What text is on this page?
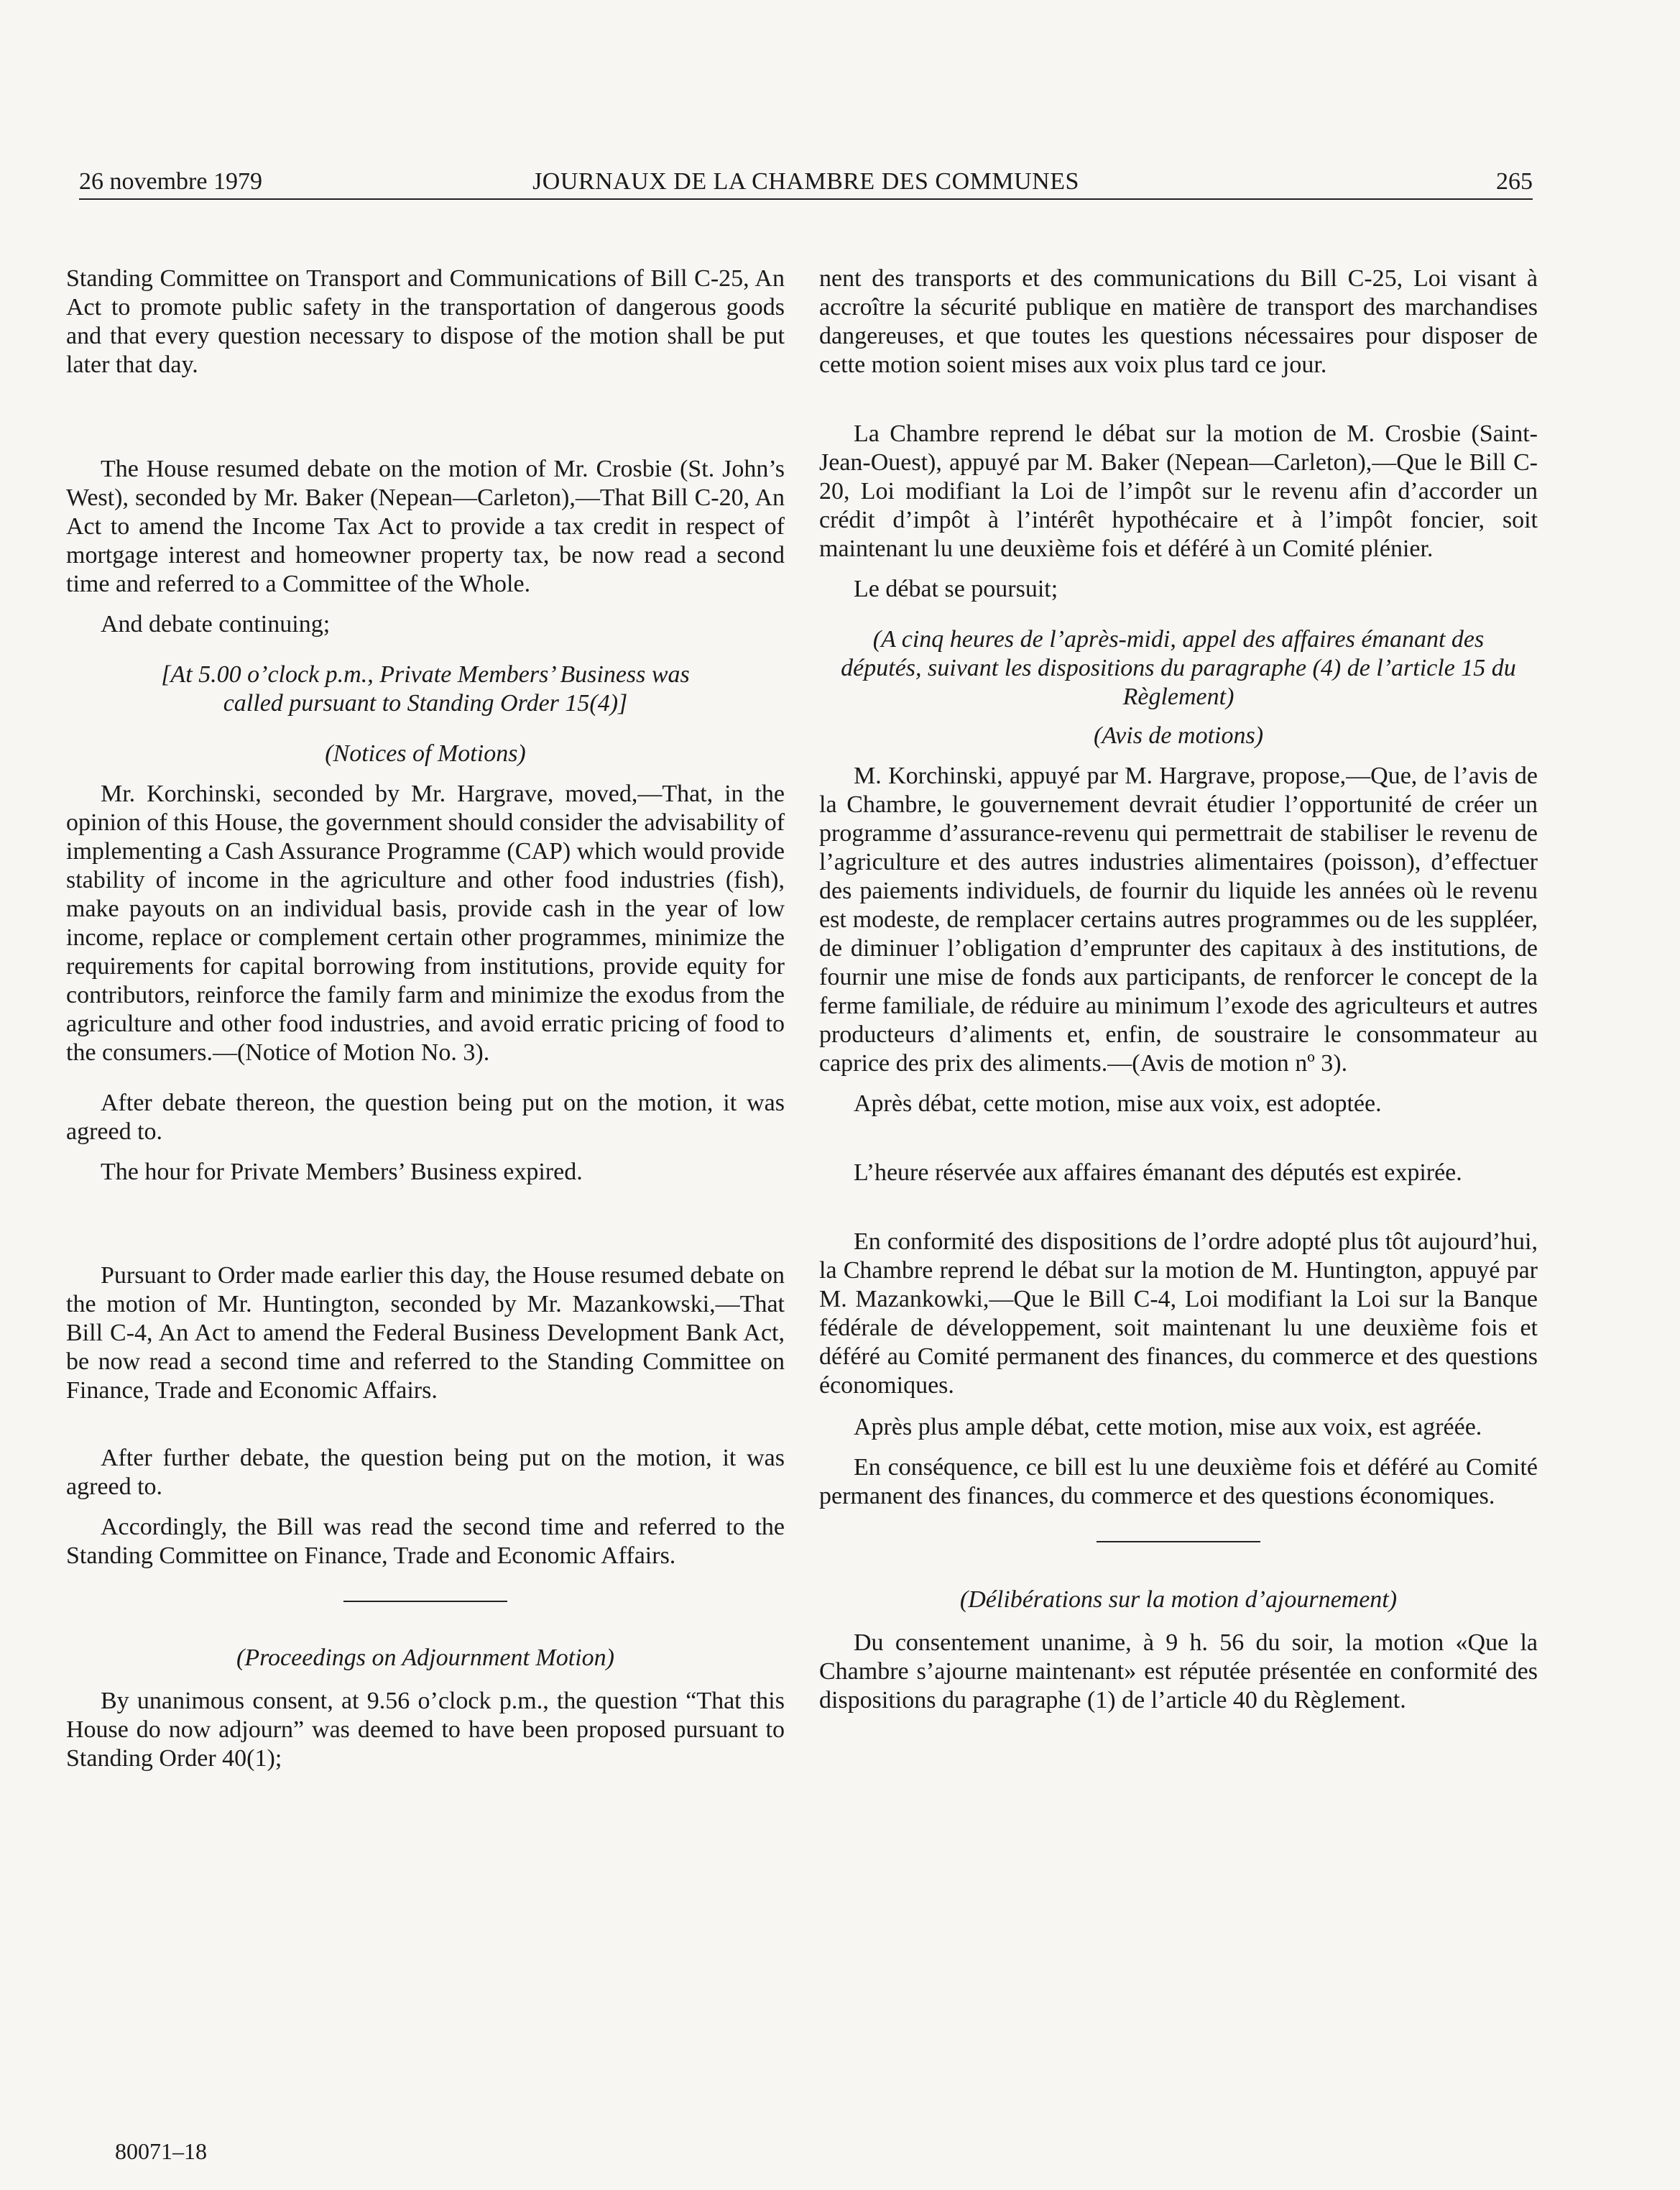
26 novembre 1979	JOURNAUX DE LA CHAMBRE DES COMMUNES	265

Standing Committee on Transport and Communications of Bill C-25, An Act to promote public safety in the transportation of dangerous goods and that every question necessary to dispose of the motion shall be put later that day.

The House resumed debate on the motion of Mr. Crosbie (St. John’s West), seconded by Mr. Baker (Nepean—Carleton),—That Bill C-20, An Act to amend the Income Tax Act to provide a tax credit in respect of mortgage interest and homeowner property tax, be now read a second time and referred to a Committee of the Whole.

And debate continuing;

[At 5.00 o’clock p.m., Private Members’ Business was called pursuant to Standing Order 15(4)]

(Notices of Motions)

Mr. Korchinski, seconded by Mr. Hargrave, moved,—That, in the opinion of this House, the government should consider the advisability of implementing a Cash Assurance Programme (CAP) which would provide stability of income in the agriculture and other food industries (fish), make payouts on an individual basis, provide cash in the year of low income, replace or complement certain other programmes, minimize the requirements for capital borrowing from institutions, provide equity for contributors, reinforce the family farm and minimize the exodus from the agriculture and other food industries, and avoid erratic pricing of food to the consumers.—(Notice of Motion No. 3).

After debate thereon, the question being put on the motion, it was agreed to.

The hour for Private Members’ Business expired.

Pursuant to Order made earlier this day, the House resumed debate on the motion of Mr. Huntington, seconded by Mr. Mazankowski,—That Bill C-4, An Act to amend the Federal Business Development Bank Act, be now read a second time and referred to the Standing Committee on Finance, Trade and Economic Affairs.

After further debate, the question being put on the motion, it was agreed to.

Accordingly, the Bill was read the second time and referred to the Standing Committee on Finance, Trade and Economic Affairs.

(Proceedings on Adjournment Motion)

By unanimous consent, at 9.56 o’clock p.m., the question “That this House do now adjourn” was deemed to have been proposed pursuant to Standing Order 40(1);

nent des transports et des communications du Bill C-25, Loi visant à accroître la sécurité publique en matière de transport des marchandises dangereuses, et que toutes les questions nécessaires pour disposer de cette motion soient mises aux voix plus tard ce jour.

La Chambre reprend le débat sur la motion de M. Crosbie (Saint-Jean-Ouest), appuyé par M. Baker (Nepean—Carleton),—Que le Bill C-20, Loi modifiant la Loi de l’impôt sur le revenu afin d’accorder un crédit d’impôt à l’intérêt hypothécaire et à l’impôt foncier, soit maintenant lu une deuxième fois et déféré à un Comité plénier.

Le débat se poursuit;

(A cinq heures de l’après-midi, appel des affaires émanant des députés, suivant les dispositions du paragraphe (4) de l’article 15 du Règlement)

(Avis de motions)

M. Korchinski, appuyé par M. Hargrave, propose,—Que, de l’avis de la Chambre, le gouvernement devrait étudier l’opportunité de créer un programme d’assurance-revenu qui permettrait de stabiliser le revenu de l’agriculture et des autres industries alimentaires (poisson), d’effectuer des paiements individuels, de fournir du liquide les années où le revenu est modeste, de remplacer certains autres programmes ou de les suppléer, de diminuer l’obligation d’emprunter des capitaux à des institutions, de fournir une mise de fonds aux participants, de renforcer le concept de la ferme familiale, de réduire au minimum l’exode des agriculteurs et autres producteurs d’aliments et, enfin, de soustraire le consommateur au caprice des prix des aliments.—(Avis de motion nº 3).

Après débat, cette motion, mise aux voix, est adoptée.

L’heure réservée aux affaires émanant des députés est expirée.

En conformité des dispositions de l’ordre adopté plus tôt aujourd’hui, la Chambre reprend le débat sur la motion de M. Huntington, appuyé par M. Mazankowki,—Que le Bill C-4, Loi modifiant la Loi sur la Banque fédérale de développement, soit maintenant lu une deuxième fois et déféré au Comité permanent des finances, du commerce et des questions économiques.

Après plus ample débat, cette motion, mise aux voix, est agréée.

En conséquence, ce bill est lu une deuxième fois et déféré au Comité permanent des finances, du commerce et des questions économiques.

(Délibérations sur la motion d’ajournement)

Du consentement unanime, à 9 h. 56 du soir, la motion «Que la Chambre s’ajourne maintenant» est réputée présentée en conformité des dispositions du paragraphe (1) de l’article 40 du Règlement.

80071–18
